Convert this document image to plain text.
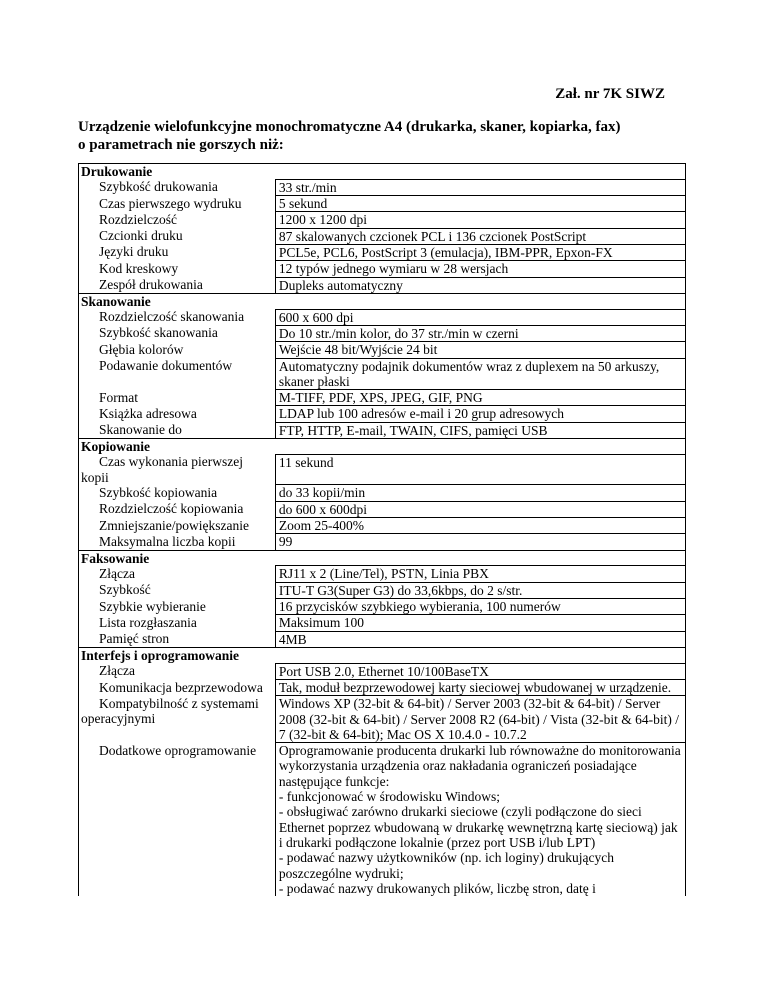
Zał. nr 7K SIWZ
Urządzenie wielofunkcyjne monochromatyczne A4 (drukarka, skaner, kopiarka, fax)
o parametrach nie gorszych niż:
Drukowanie	
Szybkość drukowania	33 str./min

Czas pierwszego wydruku	5 sekund

Rozdzielczość	1200 x 1200 dpi

Czcionki druku	87 skalowanych czcionek PCL i 136 czcionek PostScript

Języki druku	PCL5e, PCL6, PostScript 3 (emulacja), IBM-PPR, Epxon-FX

Kod kreskowy	12 typów jednego wymiaru w 28 wersjach

Zespół drukowania	Dupleks automatyczny

Skanowanie	
Rozdzielczość skanowania	600 x 600 dpi

Szybkość skanowania	Do 10 str./min kolor, do 37 str./min w czerni

Głębia kolorów	Wejście 48 bit/Wyjście 24 bit

Podawanie dokumentów	Automatyczny podajnik dokumentów wraz z duplexem na 50 arkuszy, skaner płaski

Format	M-TIFF, PDF, XPS, JPEG, GIF, PNG

Książka adresowa	LDAP lub 100 adresów e-mail i 20 grup adresowych

Skanowanie do	FTP, HTTP, E-mail, TWAIN, CIFS, pamięci USB

Kopiowanie	
Czas wykonania pierwszej kopii	11 sekund

Szybkość kopiowania	do 33 kopii/min

Rozdzielczość kopiowania	do 600 x 600dpi

Zmniejszanie/powiększanie	Zoom 25-400%

Maksymalna liczba kopii	99

Faksowanie	
Złącza	RJ11 x 2 (Line/Tel), PSTN, Linia PBX

Szybkość	ITU-T G3(Super G3) do 33,6kbps, do 2 s/str.

Szybkie wybieranie	16 przycisków szybkiego wybierania, 100 numerów

Lista rozgłaszania	Maksimum 100

Pamięć stron	4MB

Interfejs i oprogramowanie	
Złącza	Port USB 2.0, Ethernet 10/100BaseTX

Komunikacja bezprzewodowa	Tak, moduł bezprzewodowej karty sieciowej wbudowanej w urządzenie.

Kompatybilność z systemami operacyjnymi	Windows XP (32-bit & 64-bit) / Server 2003 (32-bit & 64-bit) / Server 2008 (32-bit & 64-bit) / Server 2008 R2 (64-bit) / Vista (32-bit & 64-bit) / 7 (32-bit & 64-bit); Mac OS X 10.4.0 - 10.7.2

Dodatkowe oprogramowanie	Oprogramowanie producenta drukarki lub równoważne do monitorowania wykorzystania urządzenia oraz nakładania ograniczeń posiadające następujące funkcje:
- funkcjonować w środowisku Windows;
- obsługiwać zarówno drukarki sieciowe (czyli podłączone do sieci Ethernet poprzez wbudowaną w drukarkę wewnętrzną kartę sieciową) jak i drukarki podłączone lokalnie (przez port USB i/lub LPT)
- podawać nazwy użytkowników (np. ich loginy) drukujących poszczególne wydruki;
- podawać nazwy drukowanych plików, liczbę stron, datę i
